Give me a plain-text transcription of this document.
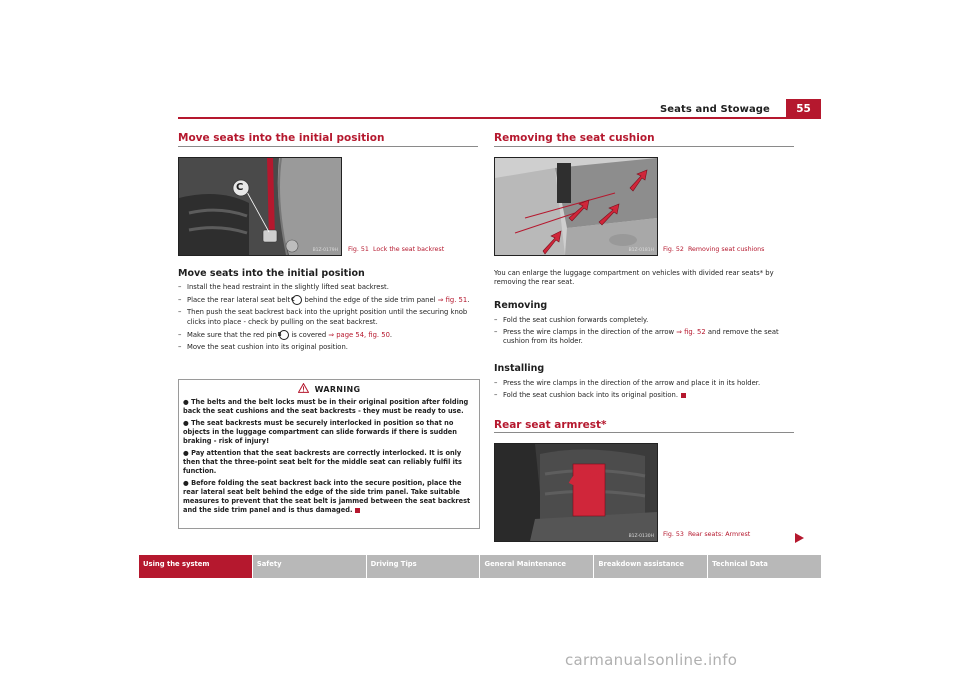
Seats and Stowage	55
Move seats into the initial position
C
B1Z-0179H Fig. 51 Lock the seat backrest
Move seats into the initial position
– Install the head restraint in the slightly lifted seat backrest.
– Place the rear lateral seat belt C behind the edge of the side trim panel ⇒ fig. 51.
– Then push the seat backrest back into the upright position until the securing knob clicks into place - check by pulling on the seat backrest.
– Make sure that the red pin B is covered ⇒ page 54, fig. 50.
– Move the seat cushion into its original position.
WARNING

● The belts and the belt locks must be in their original position after folding back the seat cushions and the seat backrests - they must be ready to use.

● The seat backrests must be securely interlocked in position so that no objects in the luggage compartment can slide forwards if there is sudden braking - risk of injury!

● Pay attention that the seat backrests are correctly interlocked. It is only then that the three-point seat belt for the middle seat can reliably fulfil its function.

● Before folding the seat backrest back into the secure position, place the rear lateral seat belt behind the edge of the side trim panel. Take suitable measures to prevent that the seat belt is jammed between the seat backrest and the side trim panel and is thus damaged.

Removing the seat cushion
B1Z-0181H Fig. 52 Removing seat cushions
You can enlarge the luggage compartment on vehicles with divided rear seats* by removing the rear seat.
Removing
– Fold the seat cushion forwards completely.
– Press the wire clamps in the direction of the arrow ⇒ fig. 52 and remove the seat cushion from its holder.
Installing
– Press the wire clamps in the direction of the arrow and place it in its holder.
– Fold the seat cushion back into its original position.
Rear seat armrest*
B1Z-0130H Fig. 53 Rear seats: Armrest
Using the system	Safety	Driving Tips	General Maintenance	Breakdown assistance	Technical Data
carmanualsonline.info
